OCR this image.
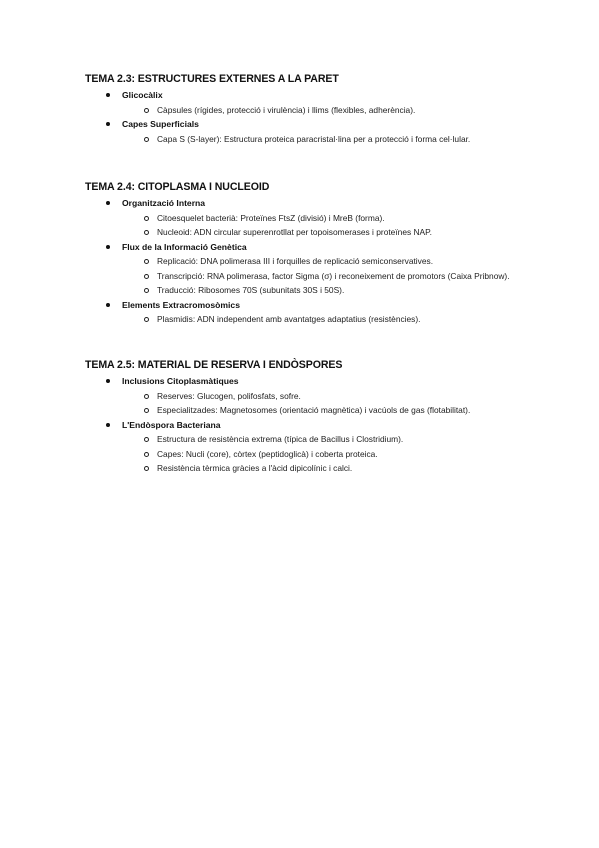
TEMA 2.3: ESTRUCTURES EXTERNES A LA PARET
Glicocàlix
Càpsules (rígides, protecció i virulència) i llims (flexibles, adherència).
Capes Superficials
Capa S (S-layer): Estructura proteica paracristal·lina per a protecció i forma cel·lular.
TEMA 2.4: CITOPLASMA I NUCLEOID
Organització Interna
Citoesquelet bacterià: Proteïnes FtsZ (divisió) i MreB (forma).
Nucleoid: ADN circular superenrotllat per topoisomerases i proteïnes NAP.
Flux de la Informació Genètica
Replicació: DNA polimerasa III i forquilles de replicació semiconservatives.
Transcripció: RNA polimerasa, factor Sigma (σ) i reconeixement de promotors (Caixa Pribnow).
Traducció: Ribosomes 70S (subunitats 30S i 50S).
Elements Extracromosòmics
Plasmidis: ADN independent amb avantatges adaptatius (resistències).
TEMA 2.5: MATERIAL DE RESERVA I ENDÒSPORES
Inclusions Citoplasmàtiques
Reserves: Glucogen, polifosfats, sofre.
Especialitzades: Magnetosomes (orientació magnètica) i vacúols de gas (flotabilitat).
L'Endòspora Bacteriana
Estructura de resistència extrema (típica de Bacillus i Clostridium).
Capes: Nucli (core), còrtex (peptidoglicà) i coberta proteica.
Resistència tèrmica gràcies a l'àcid dipicolínic i calci.
